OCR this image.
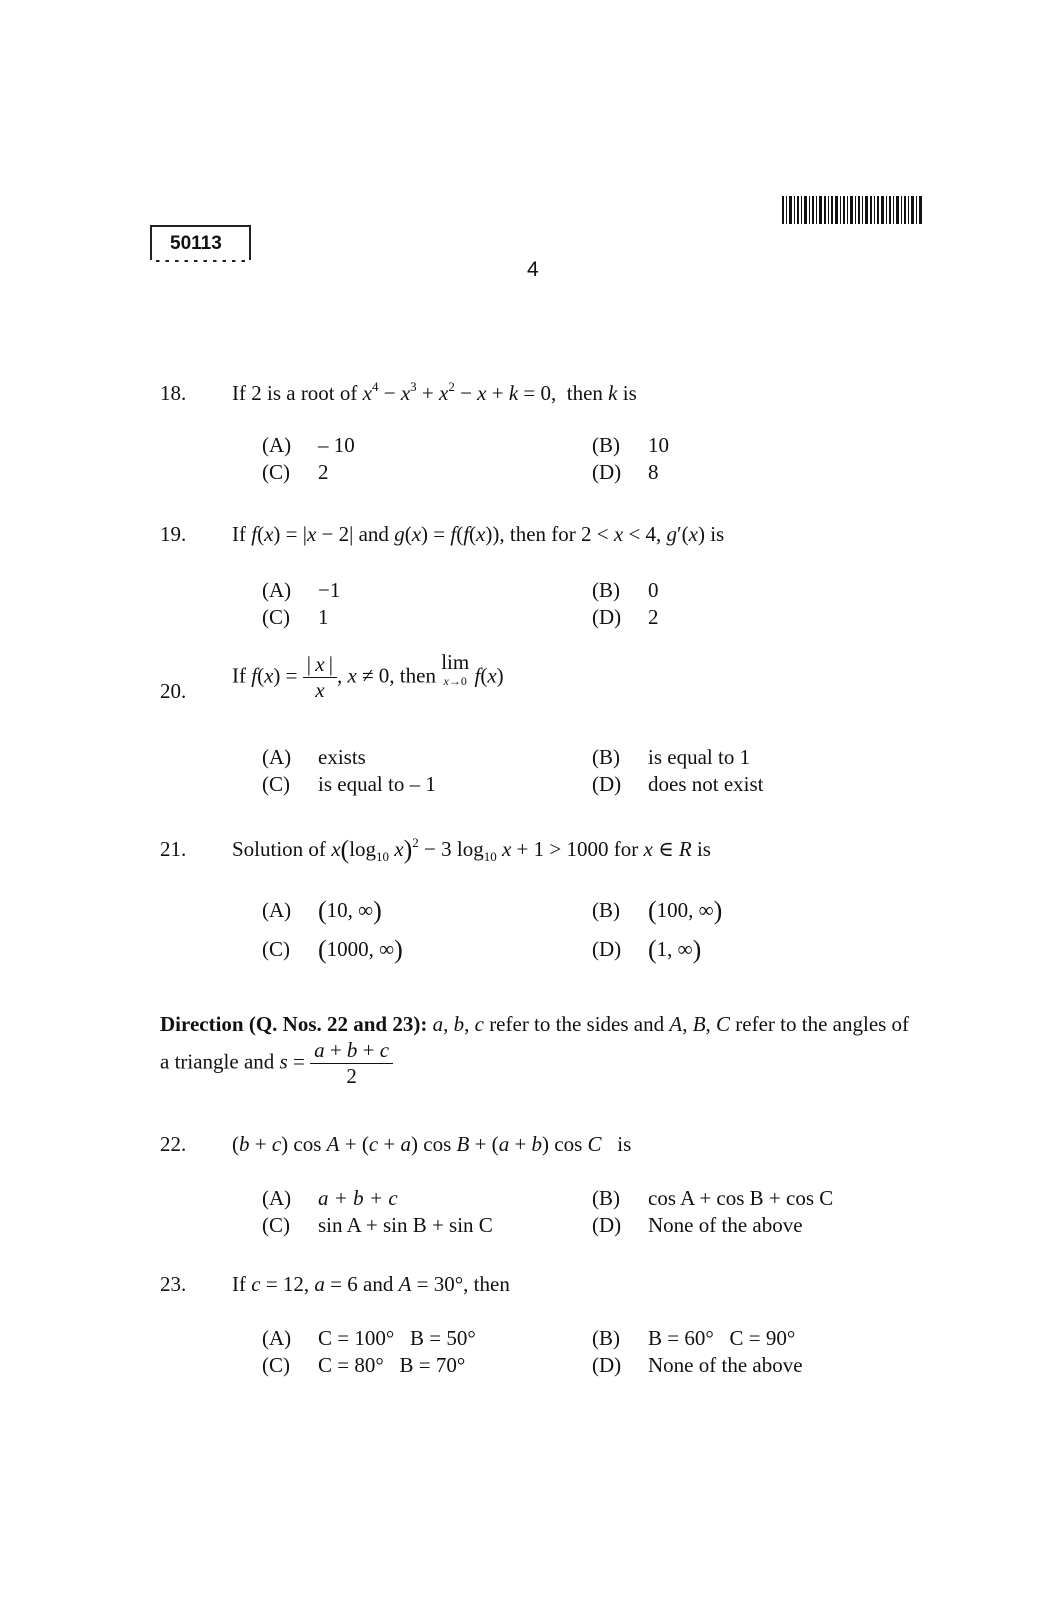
50113
4
18. If 2 is a root of $x^4 - x^3 + x^2 - x + k = 0$,  then k is
(A) – 10	(B) 10
(C) 2	(D) 8
19. If f(x) = |x − 2| and g(x) = f(f(x)), then for 2 < x < 4, g′(x) is
(A) −1	(B) 0
(C) 1	(D) 2
20.
If $f(x) = \frac{| x |}{x}$ , x ≠ 0, then lim
x→0 f(x)
(A) exists	(B) is equal to 1
(C) is equal to – 1	(D) does not exist
21. Solution of $x(\log_{10}$ x)$^2$ − 3 $\log_{10} x + 1 > 1000$ for x ∈ R is
(A) (10, ∞)	(B) (100, ∞)
(C) (1000, ∞)	(D) (1, ∞)
Direction (Q. Nos. 22 and 23): a, b, c refer to the sides and A, B, C refer to the angles of a triangle and $s = \frac{a + b + c}{2}$
22. (b + c) cos A + (c + a) cos B + (a + b) cos C is
(A) a + b + c	(B) cos A + cos B + cos C
(C) sin A + sin B + sin C	(D) None of the above
23. If c = 12, a = 6 and A = 30°, then
(A) C = 100°   B = 50°	(B) B = 60°   C = 90°
(C) C = 80°   B = 70°	(D) None of the above
